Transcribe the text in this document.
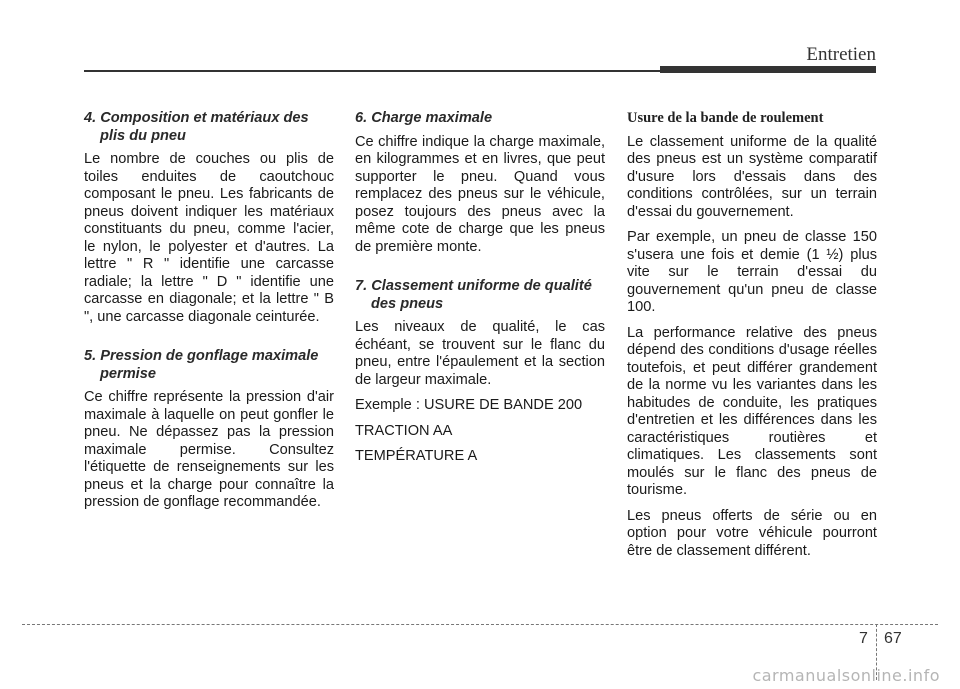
Entretien
4. Composition et matériaux des plis du pneu

Le nombre de couches ou plis de toiles enduites de caoutchouc composant le pneu. Les fabricants de pneus doivent indiquer les matériaux constituants du pneu, comme l'acier, le nylon, le polyester et d'autres. La lettre " R " identifie une carcasse radiale; la lettre " D " identifie une carcasse en diagonale; et la lettre " B ", une carcasse diagonale ceinturée.

5. Pression de gonflage maximale permise

Ce chiffre représente la pression d'air maximale à laquelle on peut gonfler le pneu. Ne dépassez pas la pression maximale permise. Consultez l'étiquette de renseignements sur les pneus et la charge pour connaître la pression de gonflage recommandée.

6. Charge maximale

Ce chiffre indique la charge maximale, en kilogrammes et en livres, que peut supporter le pneu. Quand vous remplacez des pneus sur le véhicule, posez toujours des pneus avec la même cote de charge que les pneus de première monte.

7. Classement uniforme de qualité des pneus

Les niveaux de qualité, le cas échéant, se trouvent sur le flanc du pneu, entre l'épaulement et la section de largeur maximale.

Exemple : USURE DE BANDE 200

TRACTION AA

TEMPÉRATURE A

Usure de la bande de roulement

Le classement uniforme de la qualité des pneus est un système comparatif d'usure lors d'essais dans des conditions contrôlées, sur un terrain d'essai du gouvernement.

Par exemple, un pneu de classe 150 s'usera une fois et demie (1 ½) plus vite sur le terrain d'essai du gouvernement qu'un pneu de classe 100.

La performance relative des pneus dépend des conditions d'usage réelles toutefois, et peut différer grandement de la norme vu les variantes dans les habitudes de conduite, les pratiques d'entretien et les différences dans les caractéristiques routières et climatiques. Les classements sont moulés sur le flanc des pneus de tourisme.

Les pneus offerts de série ou en option pour votre véhicule pourront être de classement différent.

7 67
carmanualsonline.info
